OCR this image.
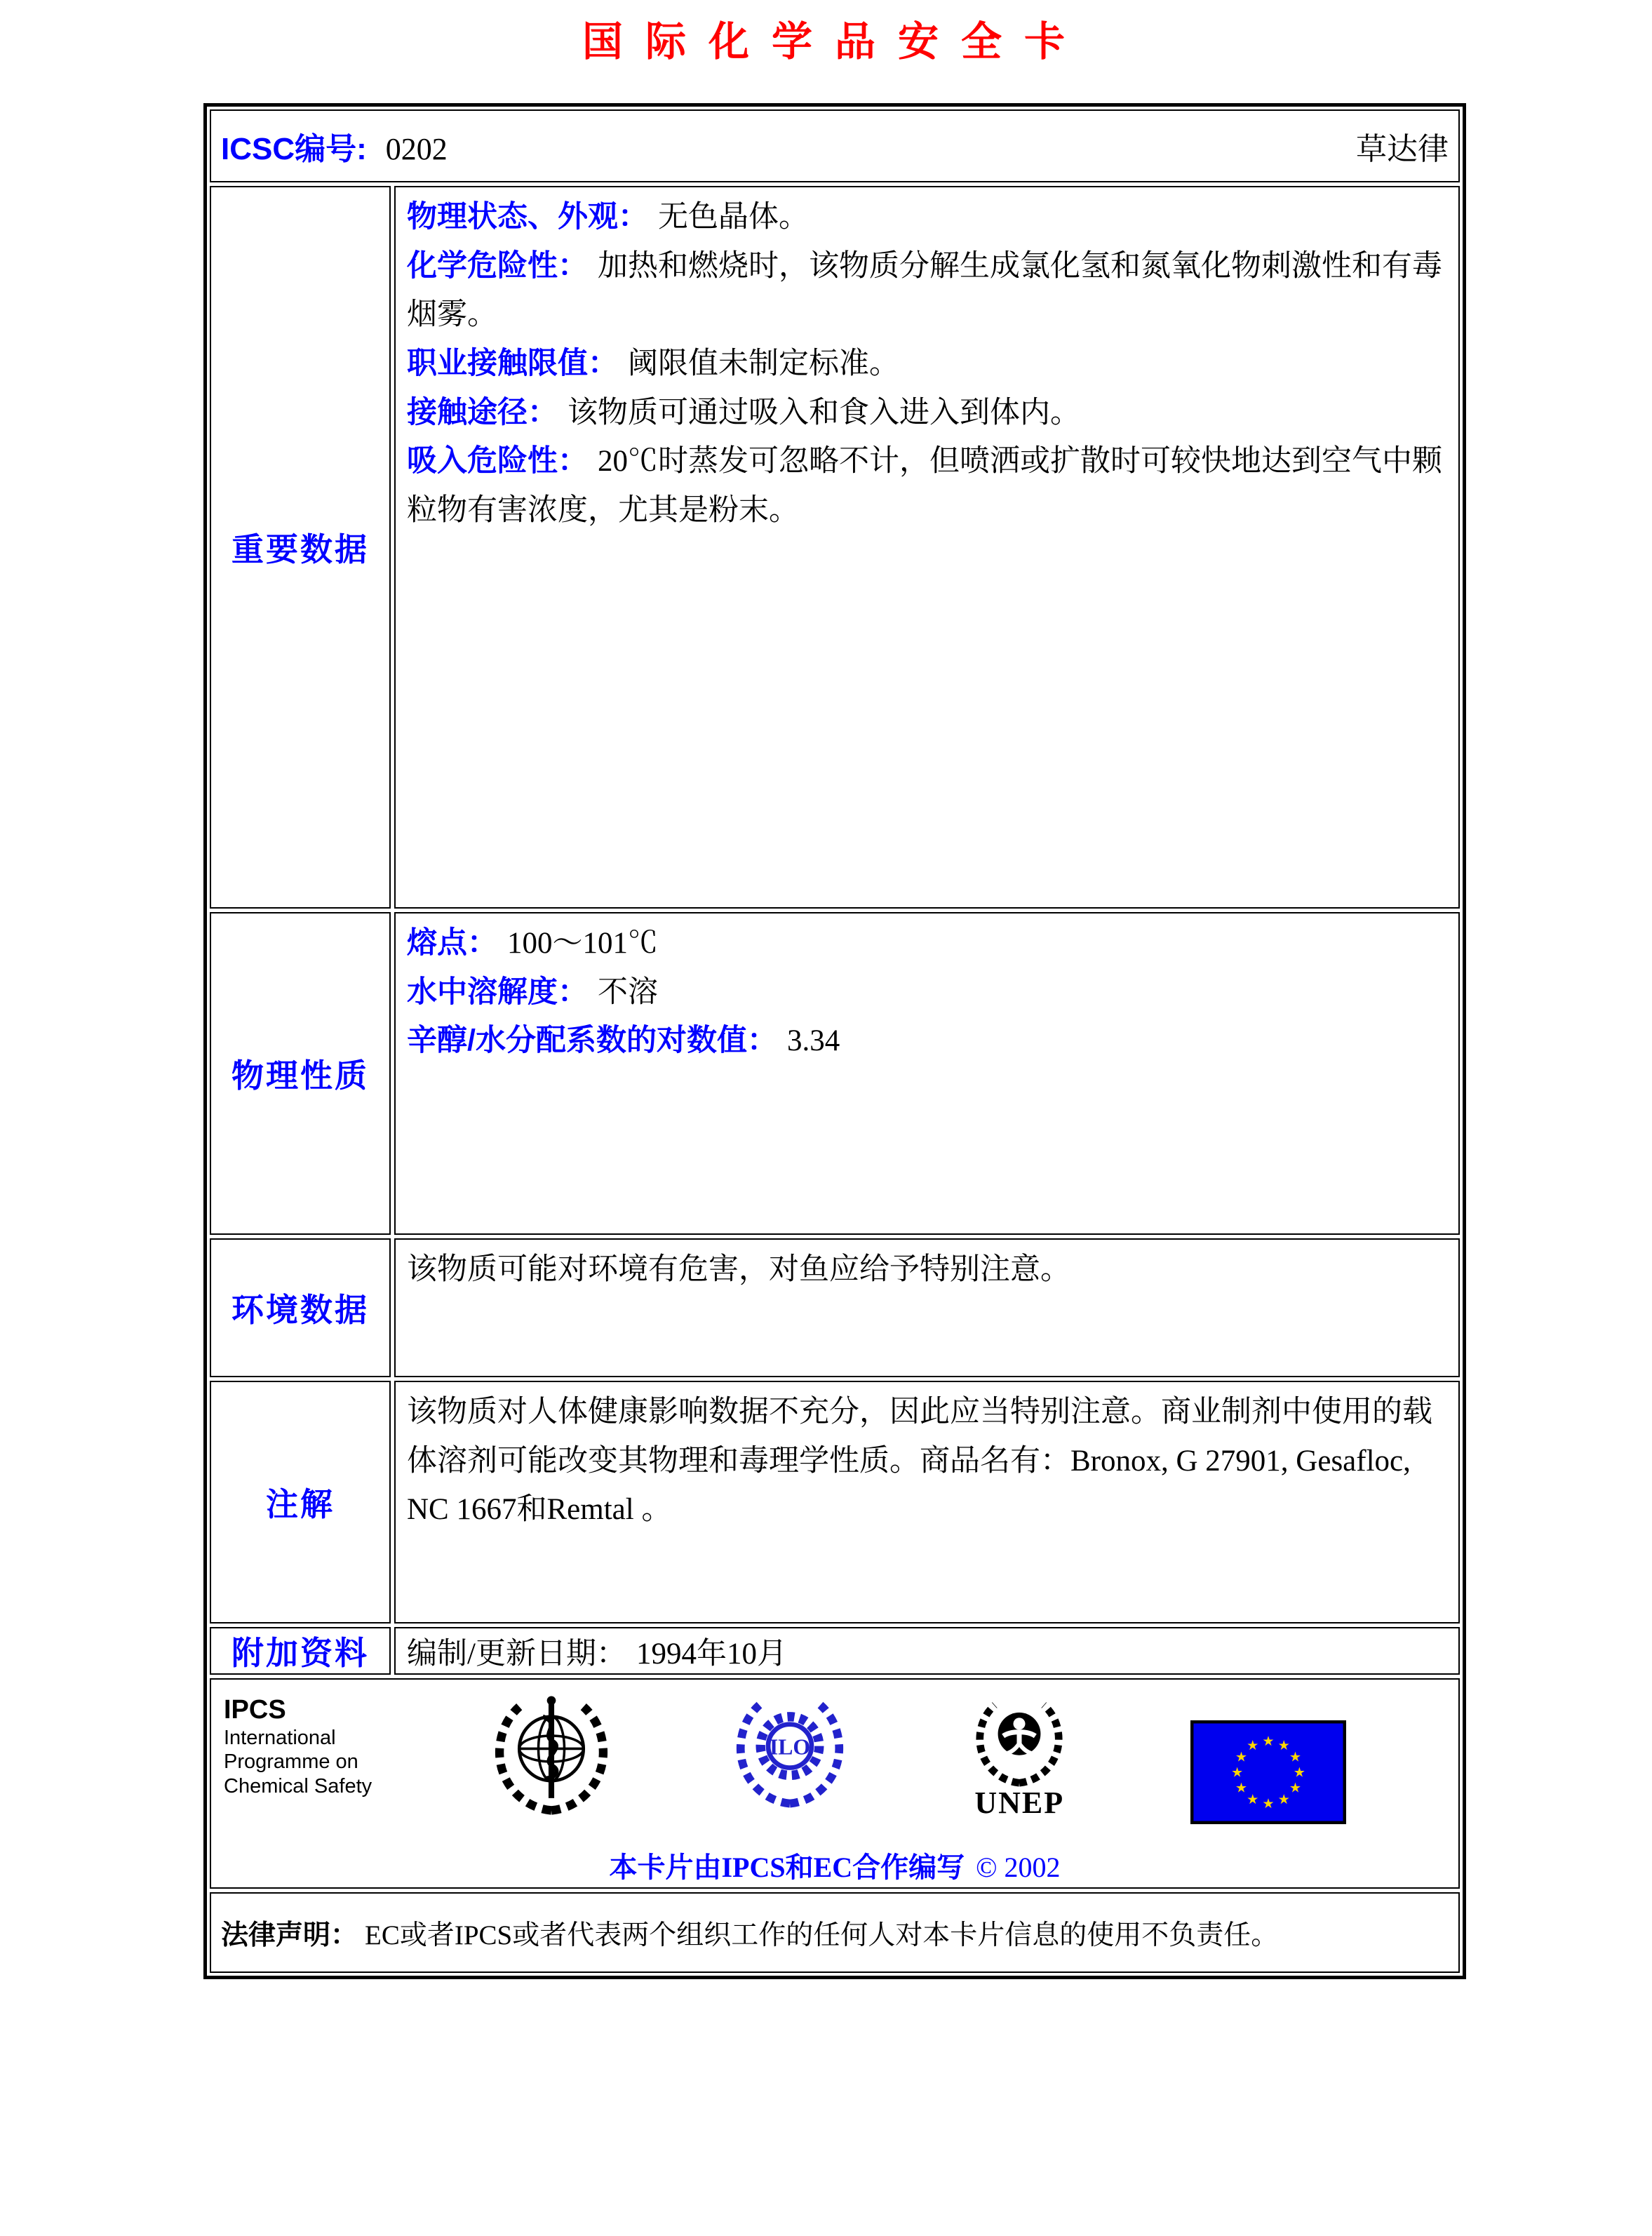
国际化学品安全卡
ICSC编号: 0202	草达律
重要数据
物理状态、外观： 无色晶体。
化学危险性： 加热和燃烧时，该物质分解生成氯化氢和氮氧化物刺激性和有毒烟雾。
职业接触限值： 阈限值未制定标准。
接触途径： 该物质可通过吸入和食入进入到体内。
吸入危险性： 20℃时蒸发可忽略不计，但喷洒或扩散时可较快地达到空气中颗粒物有害浓度，尤其是粉末。
物理性质
熔点： 100～101℃
水中溶解度： 不溶
辛醇/水分配系数的对数值： 3.34
环境数据
该物质可能对环境有危害，对鱼应给予特别注意。
注解
该物质对人体健康影响数据不充分，因此应当特别注意。商业制剂中使用的载体溶剂可能改变其物理和毒理学性质。商品名有：Bronox, G 27901, Gesafloc, NC 1667和Remtal 。
附加资料 编制/更新日期： 1994年10月
IPCS
International
Programme on
Chemical Safety
ILO
UNEP
★
★
★
★
★
★
★
★
★ ★ ★
★
本卡片由IPCS和EC合作编写 © 2002
法律声明： EC或者IPCS或者代表两个组织工作的任何人对本卡片信息的使用不负责任。
